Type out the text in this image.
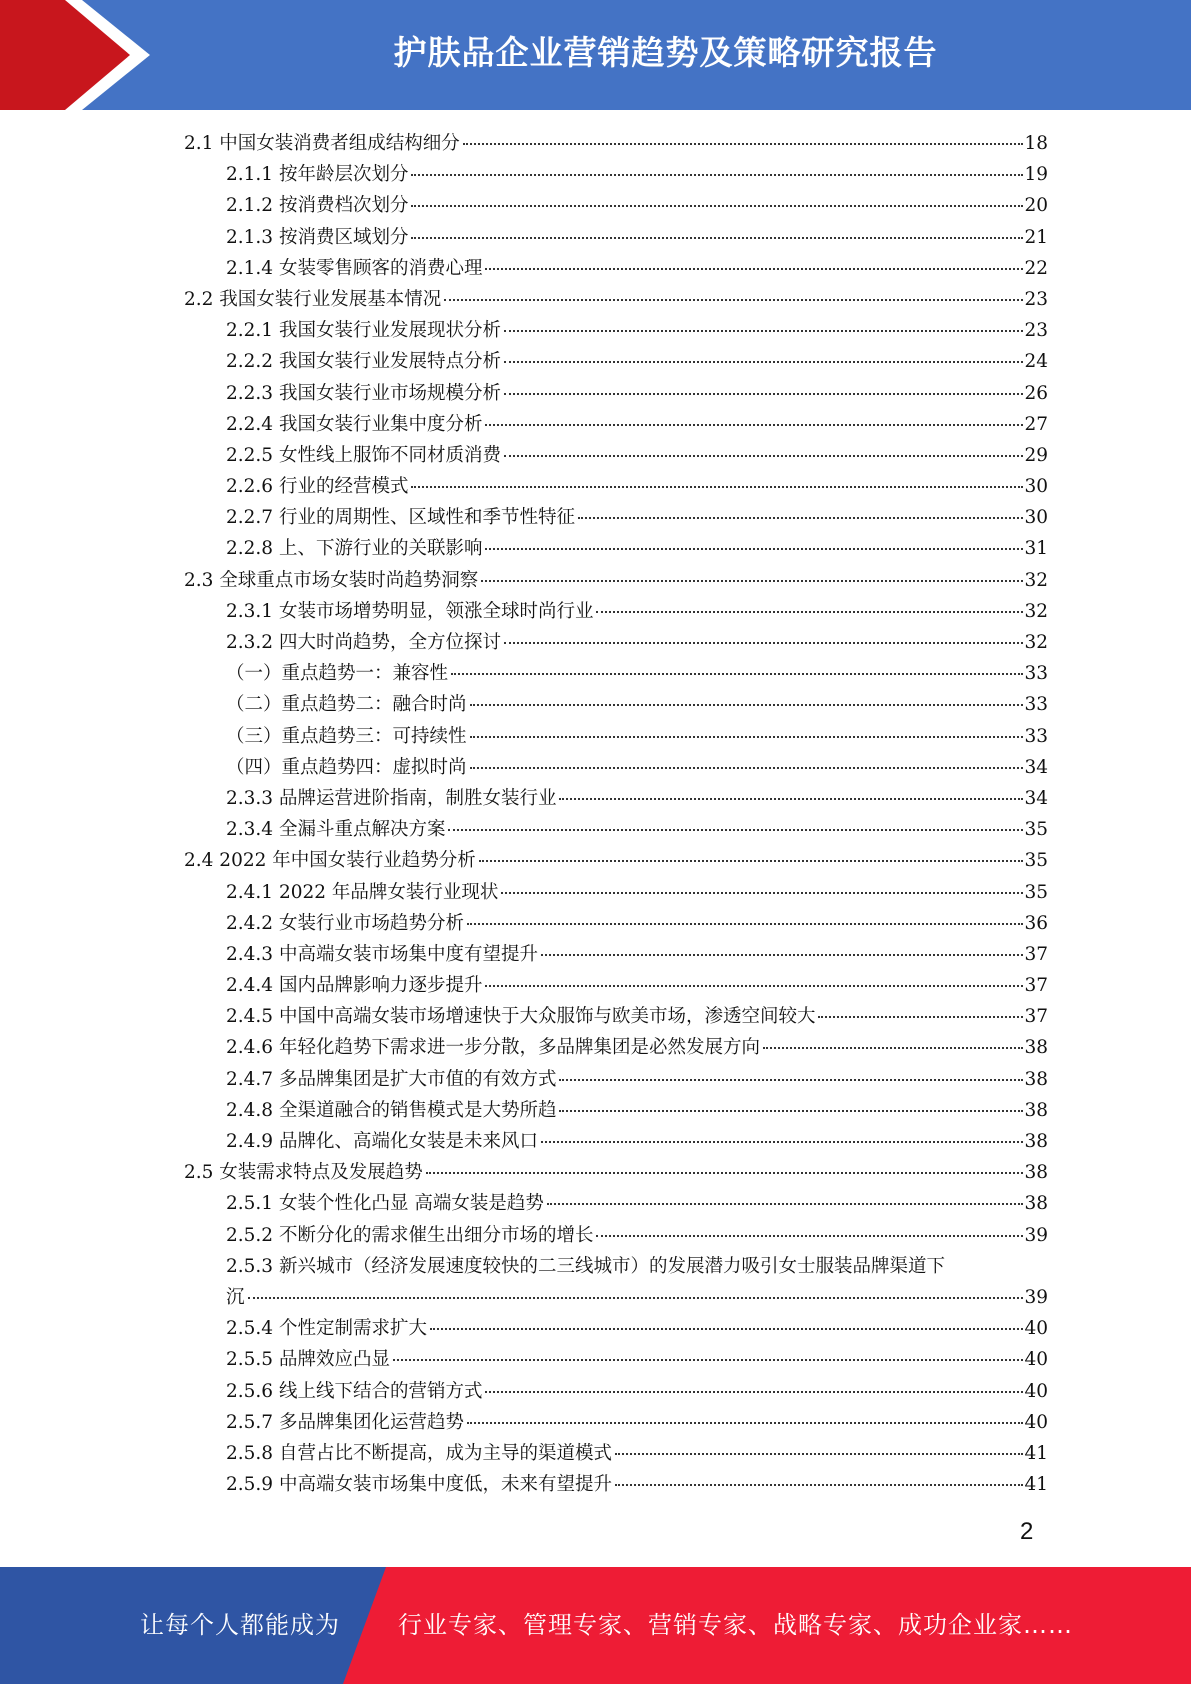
护肤品企业营销趋势及策略研究报告
2.1 中国女装消费者组成结构细分	18
2.1.1 按年龄层次划分	19
2.1.2 按消费档次划分	20
2.1.3 按消费区域划分	21
2.1.4 女装零售顾客的消费心理	22
2.2 我国女装行业发展基本情况	23
2.2.1 我国女装行业发展现状分析	23
2.2.2 我国女装行业发展特点分析	24
2.2.3 我国女装行业市场规模分析	26
2.2.4 我国女装行业集中度分析	27
2.2.5 女性线上服饰不同材质消费	29
2.2.6 行业的经营模式	30
2.2.7 行业的周期性、区域性和季节性特征	30
2.2.8 上、下游行业的关联影响	31
2.3 全球重点市场女装时尚趋势洞察	32
2.3.1 女装市场增势明显，领涨全球时尚行业	32
2.3.2 四大时尚趋势，全方位探讨	32
（一）重点趋势一：兼容性	33
（二）重点趋势二：融合时尚	33
（三）重点趋势三：可持续性	33
（四）重点趋势四：虚拟时尚	34
2.3.3 品牌运营进阶指南，制胜女装行业	34
2.3.4 全漏斗重点解决方案	35
2.4 2022 年中国女装行业趋势分析	35
2.4.1 2022 年品牌女装行业现状	35
2.4.2 女装行业市场趋势分析	36
2.4.3 中高端女装市场集中度有望提升	37
2.4.4 国内品牌影响力逐步提升	37
2.4.5 中国中高端女装市场增速快于大众服饰与欧美市场，渗透空间较大	37
2.4.6 年轻化趋势下需求进一步分散，多品牌集团是必然发展方向	38
2.4.7 多品牌集团是扩大市值的有效方式	38
2.4.8 全渠道融合的销售模式是大势所趋	38
2.4.9 品牌化、高端化女装是未来风口	38
2.5 女装需求特点及发展趋势	38
2.5.1 女装个性化凸显 高端女装是趋势	38
2.5.2 不断分化的需求催生出细分市场的增长	39
2.5.3 新兴城市（经济发展速度较快的二三线城市）的发展潜力吸引女士服装品牌渠道下
沉	39
2.5.4 个性定制需求扩大	40
2.5.5 品牌效应凸显	40
2.5.6 线上线下结合的营销方式	40
2.5.7 多品牌集团化运营趋势	40
2.5.8 自营占比不断提高，成为主导的渠道模式	41
2.5.9 中高端女装市场集中度低，未来有望提升	41
2
让每个人都能成为 行业专家、管理专家、营销专家、战略专家、成功企业家……
